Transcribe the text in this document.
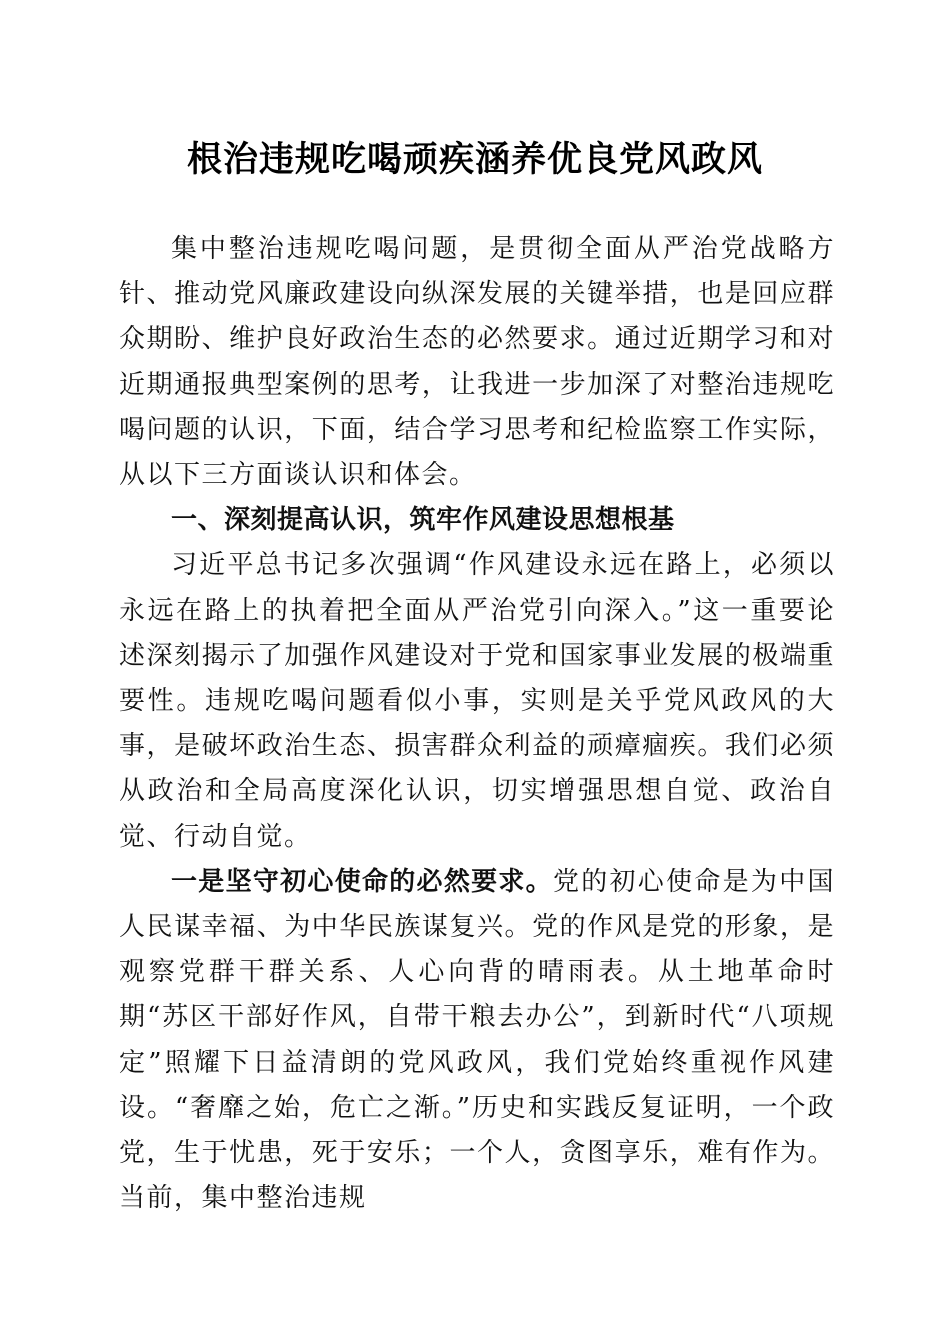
根治违规吃喝顽疾涵养优良党风政风

集中整治违规吃喝问题，是贯彻全面从严治党战略方针、推动党风廉政建设向纵深发展的关键举措，也是回应群众期盼、维护良好政治生态的必然要求。通过近期学习和对近期通报典型案例的思考，让我进一步加深了对整治违规吃喝问题的认识，下面，结合学习思考和纪检监察工作实际，从以下三方面谈认识和体会。

一、深刻提高认识，筑牢作风建设思想根基

习近平总书记多次强调“作风建设永远在路上，必须以永远在路上的执着把全面从严治党引向深入。”这一重要论述深刻揭示了加强作风建设对于党和国家事业发展的极端重要性。违规吃喝问题看似小事，实则是关乎党风政风的大事，是破坏政治生态、损害群众利益的顽瘴痼疾。我们必须从政治和全局高度深化认识，切实增强思想自觉、政治自觉、行动自觉。

一是坚守初心使命的必然要求。党的初心使命是为中国人民谋幸福、为中华民族谋复兴。党的作风是党的形象，是观察党群干群关系、人心向背的晴雨表。从土地革命时期“苏区干部好作风，自带干粮去办公”，到新时代“八项规定”照耀下日益清朗的党风政风，我们党始终重视作风建设。“奢靡之始，危亡之渐。”历史和实践反复证明，一个政党，生于忧患，死于安乐；一个人，贪图享乐，难有作为。当前，集中整治违规
